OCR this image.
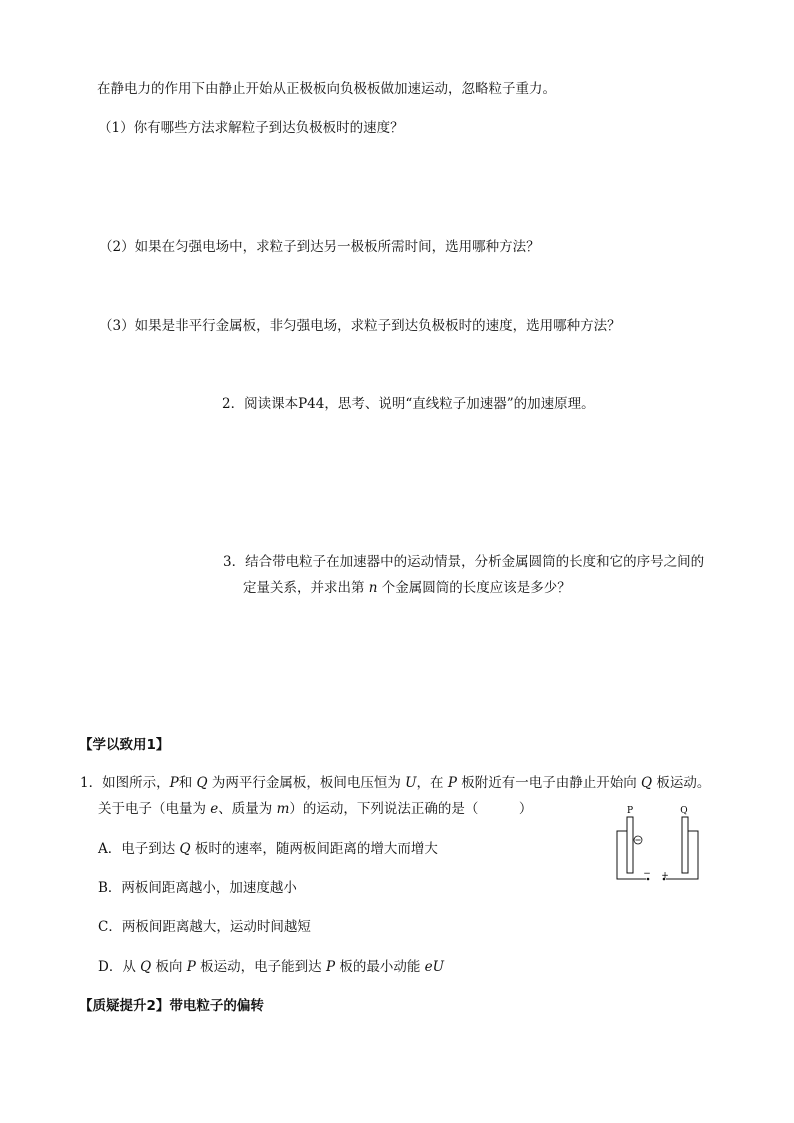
在静电力的作用下由静止开始从正极板向负极板做加速运动，忽略粒子重力。
（1）你有哪些方法求解粒子到达负极板时的速度？
（2）如果在匀强电场中，求粒子到达另一极板所需时间，选用哪种方法？
（3）如果是非平行金属板，非匀强电场，求粒子到达负极板时的速度，选用哪种方法？
2．阅读课本P44，思考、说明“直线粒子加速器”的加速原理。
3．结合带电粒子在加速器中的运动情景，分析金属圆筒的长度和它的序号之间的
定量关系，并求出第 n 个金属圆筒的长度应该是多少？
【学以致用1】
1．如图所示，P和 Q 为两平行金属板，板间电压恒为 U，在 P 板附近有一电子由静止开始向 Q 板运动。
关于电子（电量为 e、质量为 m）的运动，下列说法正确的是（　　　）
A．电子到达 Q 板时的速率，随两板间距离的增大而增大
B．两板间距离越小，加速度越小
C．两板间距离越大，运动时间越短
D．从 Q 板向 P 板运动，电子能到达 P 板的最小动能 eU
【质疑提升2】带电粒子的偏转
P	Q
− +
